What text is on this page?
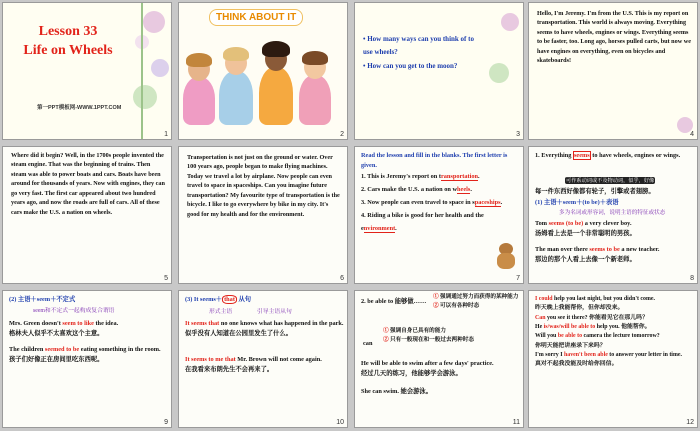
Lesson 33
Life on Wheels
第一PPT模板网-WWW.1PPT.COM
1
THINK ABOUT IT
2
• How many ways can you think of to use wheels?
• How can you get to the moon?
3
Hello, I'm Jeremy. I'm from the U.S. This is my report on transportation. This world is always moving. Everything seems to have wheels, engines or wings. Everything seems to be faster, too. Long ago, horses pulled carts, but now we have engines on everything, even on bicycles and skateboards!
4
Where did it begin? Well, in the 1700s people invented the steam engine. That was the beginning of trains. Then steam was able to power boats and cars. Boats have been around for thousands of years. Now with engines, they can go very fast. The first car appeared about two hundred years ago, and now the roads are full of cars. All of these cars make the U.S. a nation on wheels.
5
Transportation is not just on the ground or water. Over 100 years ago, people began to make flying machines. Today we travel a lot by airplane. Now people can even travel to space in spaceships. Can you imagine future transportation? My favourite type of transportation is the bicycle. I like to go everywhere by bike in my city. It's good for my health and for the environment.
6
Read the lesson and fill in the blanks. The first letter is given.
1. This is Jeremy's report on transportation.
2. Cars make the U.S. a nation on wheels.
3. Now people can even travel to space in spaceships.
4. Riding a bike is good for her health and the environment.
7
1. Everything seems to have wheels, engines or wings.
可作系动词或不及物动词，似乎，好像
每一件东西好像都有轮子，引擎或者翅膀。
(1) 主语＋seem＋(to be)＋表语
多为名词或形容词，说明主语的特征或状态
Tom seems (to be) a very clever boy.
汤姆看上去是一个非常聪明的男孩。
The man over there seems to be a new teacher.
那边的那个人看上去像一个新老师。
8
(2) 主语＋seem＋不定式
seem和不定式一起构成复合谓语
Mrs. Green doesn't seem to like the idea.
格林夫人似乎不太喜欢这个主意。
The children seemed to be eating something in the room.
孩子们好像正在房间里吃东西呢。
9
(3) It seems＋ that 从句
形式主语	引导主语从句
It seems that no one knows what has happened in the park.
似乎没有人知道在公园里发生了什么。
It seems to me that Mr. Brown will not come again.
在我看来布朗先生不会再来了。
10
2. be able to 能够做……
① 强调通过努力而获得的某种能力
② 可以有各种时态
can
① 强调自身已具有的能力
② 只有一般现在和一般过去两种时态
He will be able to swim after a few days' practice.
经过几天的练习，他能够学会游泳。
She can swim. 她会游泳。
11
I could help you last night, but you didn't come.
昨天晚上我能帮你，但你却没来。
Can you see it there? 你能看见它在那儿吗？
He is/was/will be able to help you. 他能帮你。
Will you be able to camera the lecture tomorrow?
你明天能把讲座录下来吗？
I'm sorry I haven't been able to answer your letter in time.
真对不起我没能及时给你回信。
12
